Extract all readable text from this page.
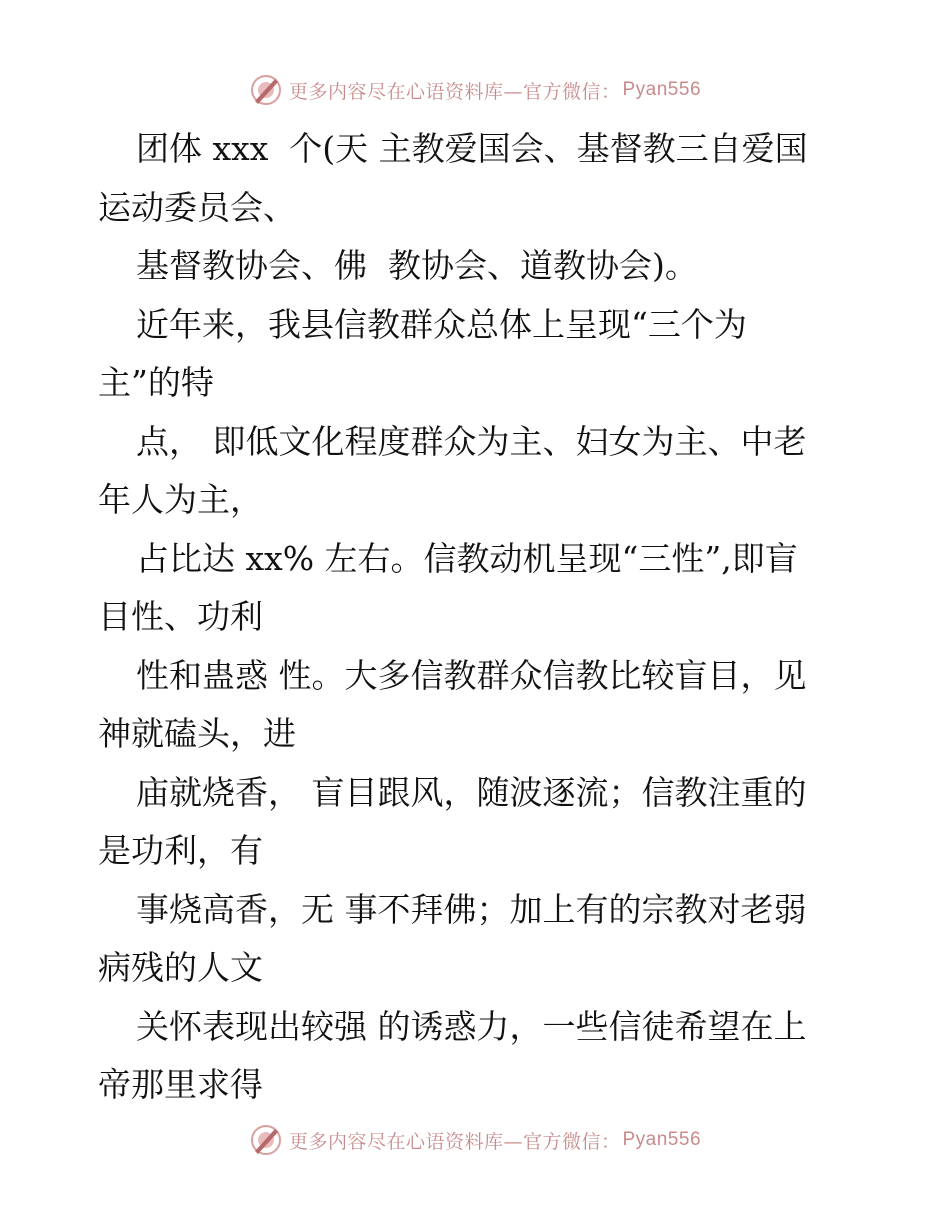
更多内容尽在心语资料库—官方微信： Pyan556
团体 xxx  个(天 主教爱国会、基督教三自爱国
运动委员会、
基督教协会、佛  教协会、道教协会)。
近年来，我县信教群众总体上呈现“三个为
主”的特
点， 即低文化程度群众为主、妇女为主、中老
年人为主，
占比达 xx% 左右。信教动机呈现“三性”,即盲
目性、功利
性和蛊惑 性。大多信教群众信教比较盲目，见
神就磕头，进
庙就烧香， 盲目跟风，随波逐流；信教注重的
是功利，有
事烧高香，无 事不拜佛；加上有的宗教对老弱
病残的人文
关怀表现出较强 的诱惑力，一些信徒希望在上
帝那里求得
更多内容尽在心语资料库—官方微信： Pyan556
